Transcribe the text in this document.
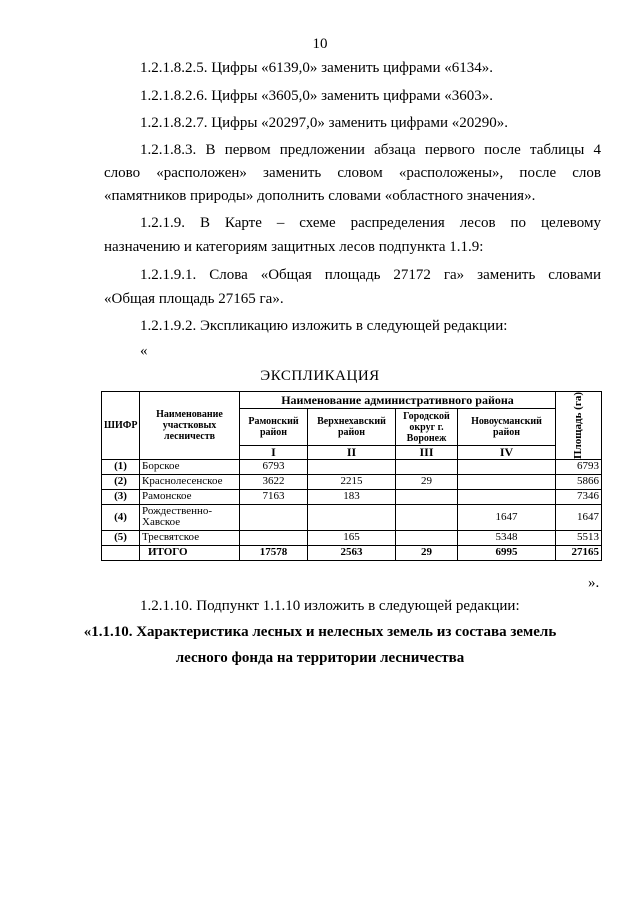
10
1.2.1.8.2.5. Цифры «6139,0» заменить цифрами «6134».
1.2.1.8.2.6. Цифры «3605,0» заменить цифрами «3603».
1.2.1.8.2.7. Цифры «20297,0» заменить цифрами «20290».
1.2.1.8.3. В первом предложении абзаца первого после таблицы 4
слово «расположен» заменить словом «расположены», после слов
«памятников природы» дополнить словами «областного значения».
1.2.1.9. В Карте – схеме распределения лесов по целевому
назначению и категориям защитных лесов подпункта 1.1.9:
1.2.1.9.1. Слова «Общая площадь 27172 га» заменить словами
«Общая площадь 27165 га».
1.2.1.9.2. Экспликацию изложить в следующей редакции:
«
ЭКСПЛИКАЦИЯ
ШИФР	Наименование участковых лесничеств	Наименование административного района				Площадь (га)

		Рамонский район	Верхнехавский район	Городской округ г. Воронеж	Новоусманский район	
		I	II	III	IV	
(1)	Борское	6793				6793
(2)	Краснолесенское	3622	2215	29		5866
(3)	Рамонское	7163	183			7346
(4)	Рождественно-Хавское				1647	1647
(5)	Тресвятское		165		5348	5513
	ИТОГО	17578	2563	29	6995	27165
».
1.2.1.10. Подпункт 1.1.10 изложить в следующей редакции:
«1.1.10. Характеристика лесных и нелесных земель из состава земель
лесного фонда на территории лесничества
